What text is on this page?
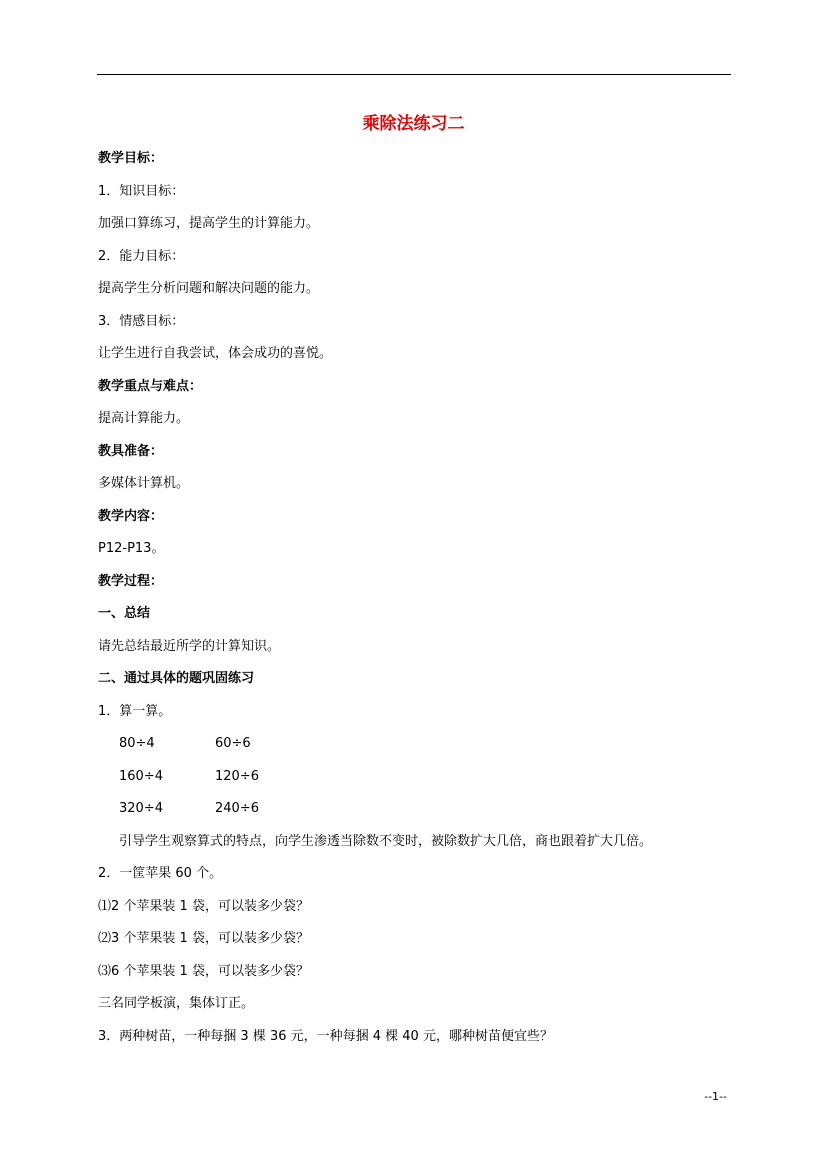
乘除法练习二
教学目标：
1．知识目标：
加强口算练习，提高学生的计算能力。
2．能力目标：
提高学生分析问题和解决问题的能力。
3．情感目标：
让学生进行自我尝试，体会成功的喜悦。
教学重点与难点：
提高计算能力。
教具准备：
多媒体计算机。
教学内容：
P12-P13。
教学过程：
一、总结
请先总结最近所学的计算知识。
二、通过具体的题巩固练习
1．算一算。
80÷4	60÷6
160÷4	120÷6
320÷4	240÷6
引导学生观察算式的特点，向学生渗透当除数不变时，被除数扩大几倍，商也跟着扩大几倍。
2．一筐苹果 60 个。
⑴2 个苹果装 1 袋，可以装多少袋？
⑵3 个苹果装 1 袋，可以装多少袋？
⑶6 个苹果装 1 袋，可以装多少袋？
三名同学板演，集体订正。
3．两种树苗，一种每捆 3 棵 36 元，一种每捆 4 棵 40 元，哪种树苗便宜些？
--1--
